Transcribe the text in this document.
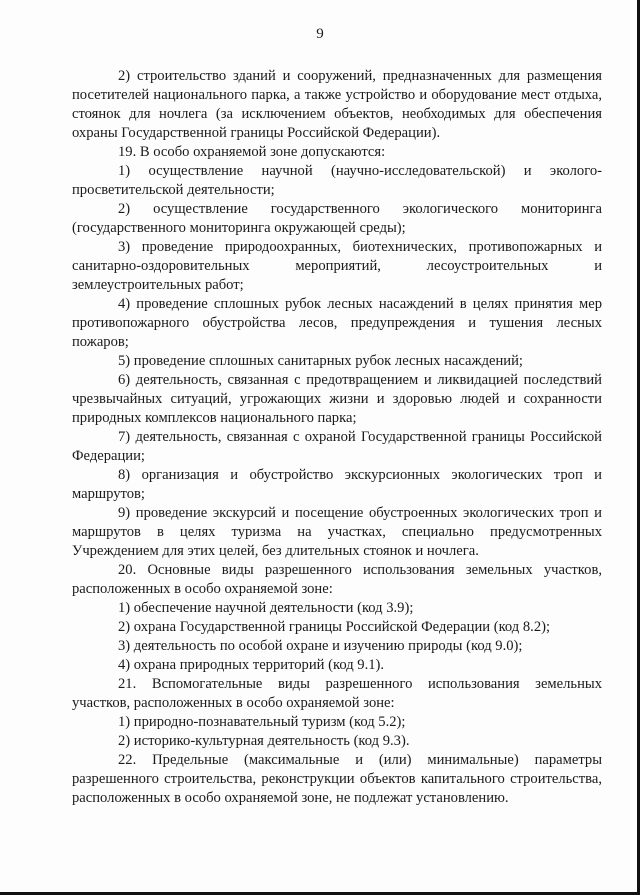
9

2) строительство зданий и сооружений, предназначенных для размещения посетителей национального парка, а также устройство и оборудование мест отдыха, стоянок для ночлега (за исключением объектов, необходимых для обеспечения охраны Государственной границы Российской Федерации).

19. В особо охраняемой зоне допускаются:

1) осуществление научной (научно-исследовательской) и эколого-просветительской деятельности;

2) осуществление государственного экологического мониторинга (государственного мониторинга окружающей среды);

3) проведение природоохранных, биотехнических, противопожарных и санитарно-оздоровительных мероприятий, лесоустроительных и землеустроительных работ;

4) проведение сплошных рубок лесных насаждений в целях принятия мер противопожарного обустройства лесов, предупреждения и тушения лесных пожаров;

5) проведение сплошных санитарных рубок лесных насаждений;

6) деятельность, связанная с предотвращением и ликвидацией последствий чрезвычайных ситуаций, угрожающих жизни и здоровью людей и сохранности природных комплексов национального парка;

7) деятельность, связанная с охраной Государственной границы Российской Федерации;

8) организация и обустройство экскурсионных экологических троп и маршрутов;

9) проведение экскурсий и посещение обустроенных экологических троп и маршрутов в целях туризма на участках, специально предусмотренных Учреждением для этих целей, без длительных стоянок и ночлега.

20. Основные виды разрешенного использования земельных участков, расположенных в особо охраняемой зоне:

1) обеспечение научной деятельности (код 3.9);

2) охрана Государственной границы Российской Федерации (код 8.2);

3) деятельность по особой охране и изучению природы (код 9.0);

4) охрана природных территорий (код 9.1).

21. Вспомогательные виды разрешенного использования земельных участков, расположенных в особо охраняемой зоне:

1) природно-познавательный туризм (код 5.2);

2) историко-культурная деятельность (код 9.3).

22. Предельные (максимальные и (или) минимальные) параметры разрешенного строительства, реконструкции объектов капитального строительства, расположенных в особо охраняемой зоне, не подлежат установлению.
